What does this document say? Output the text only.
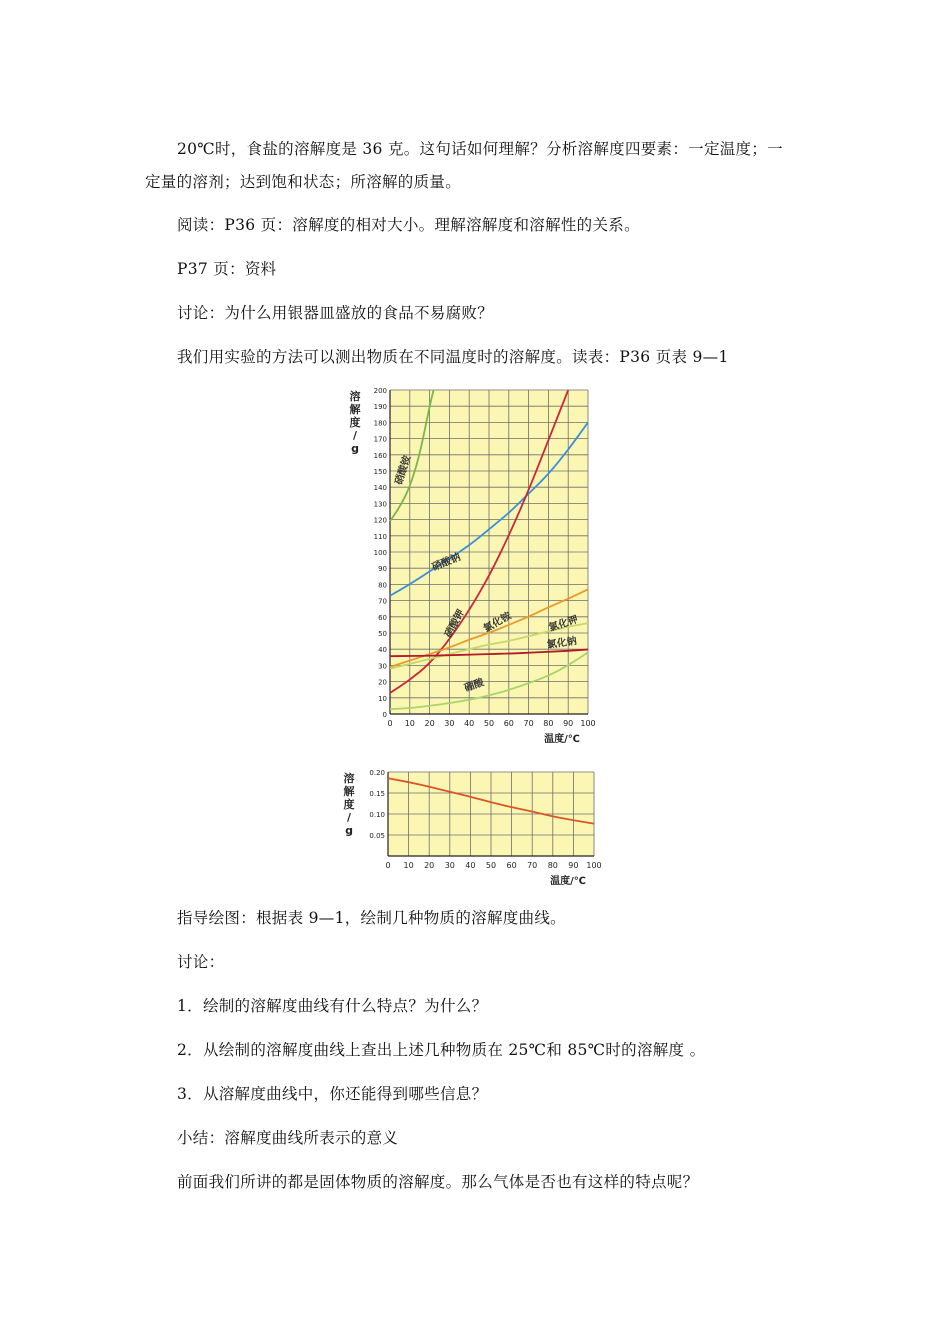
20℃时，食盐的溶解度是 36 克。这句话如何理解？分析溶解度四要素：一定温度；一
定量的溶剂；达到饱和状态；所溶解的质量。
阅读：P36 页：溶解度的相对大小。理解溶解度和溶解性的关系。
P37 页：资料
讨论：为什么用银器皿盛放的食品不易腐败？
我们用实验的方法可以测出物质在不同温度时的溶解度。读表：P36 页表 9—1
0 10 20 30 40 50 60 70 80 90 100
0
10
20
30
40
50
60
70
80
90
100
110
120
130
140
150
160
170
180
190
200
硝酸铵
硝酸钠
硝酸钾 氯化铵	氯化钾
氯化钠
硼酸
溶
解
度
/
g
温度/℃
0 10 20 30 40 50 60 70 80 90 100
0.05
0.10
0.15
0.20
溶
解
度
/
g
温度/℃
指导绘图：根据表 9—1，绘制几种物质的溶解度曲线。
讨论：
1．绘制的溶解度曲线有什么特点？为什么？
2．从绘制的溶解度曲线上查出上述几种物质在 25℃和 85℃时的溶解度 。
3．从溶解度曲线中，你还能得到哪些信息？
小结：溶解度曲线所表示的意义
前面我们所讲的都是固体物质的溶解度。那么气体是否也有这样的特点呢？
